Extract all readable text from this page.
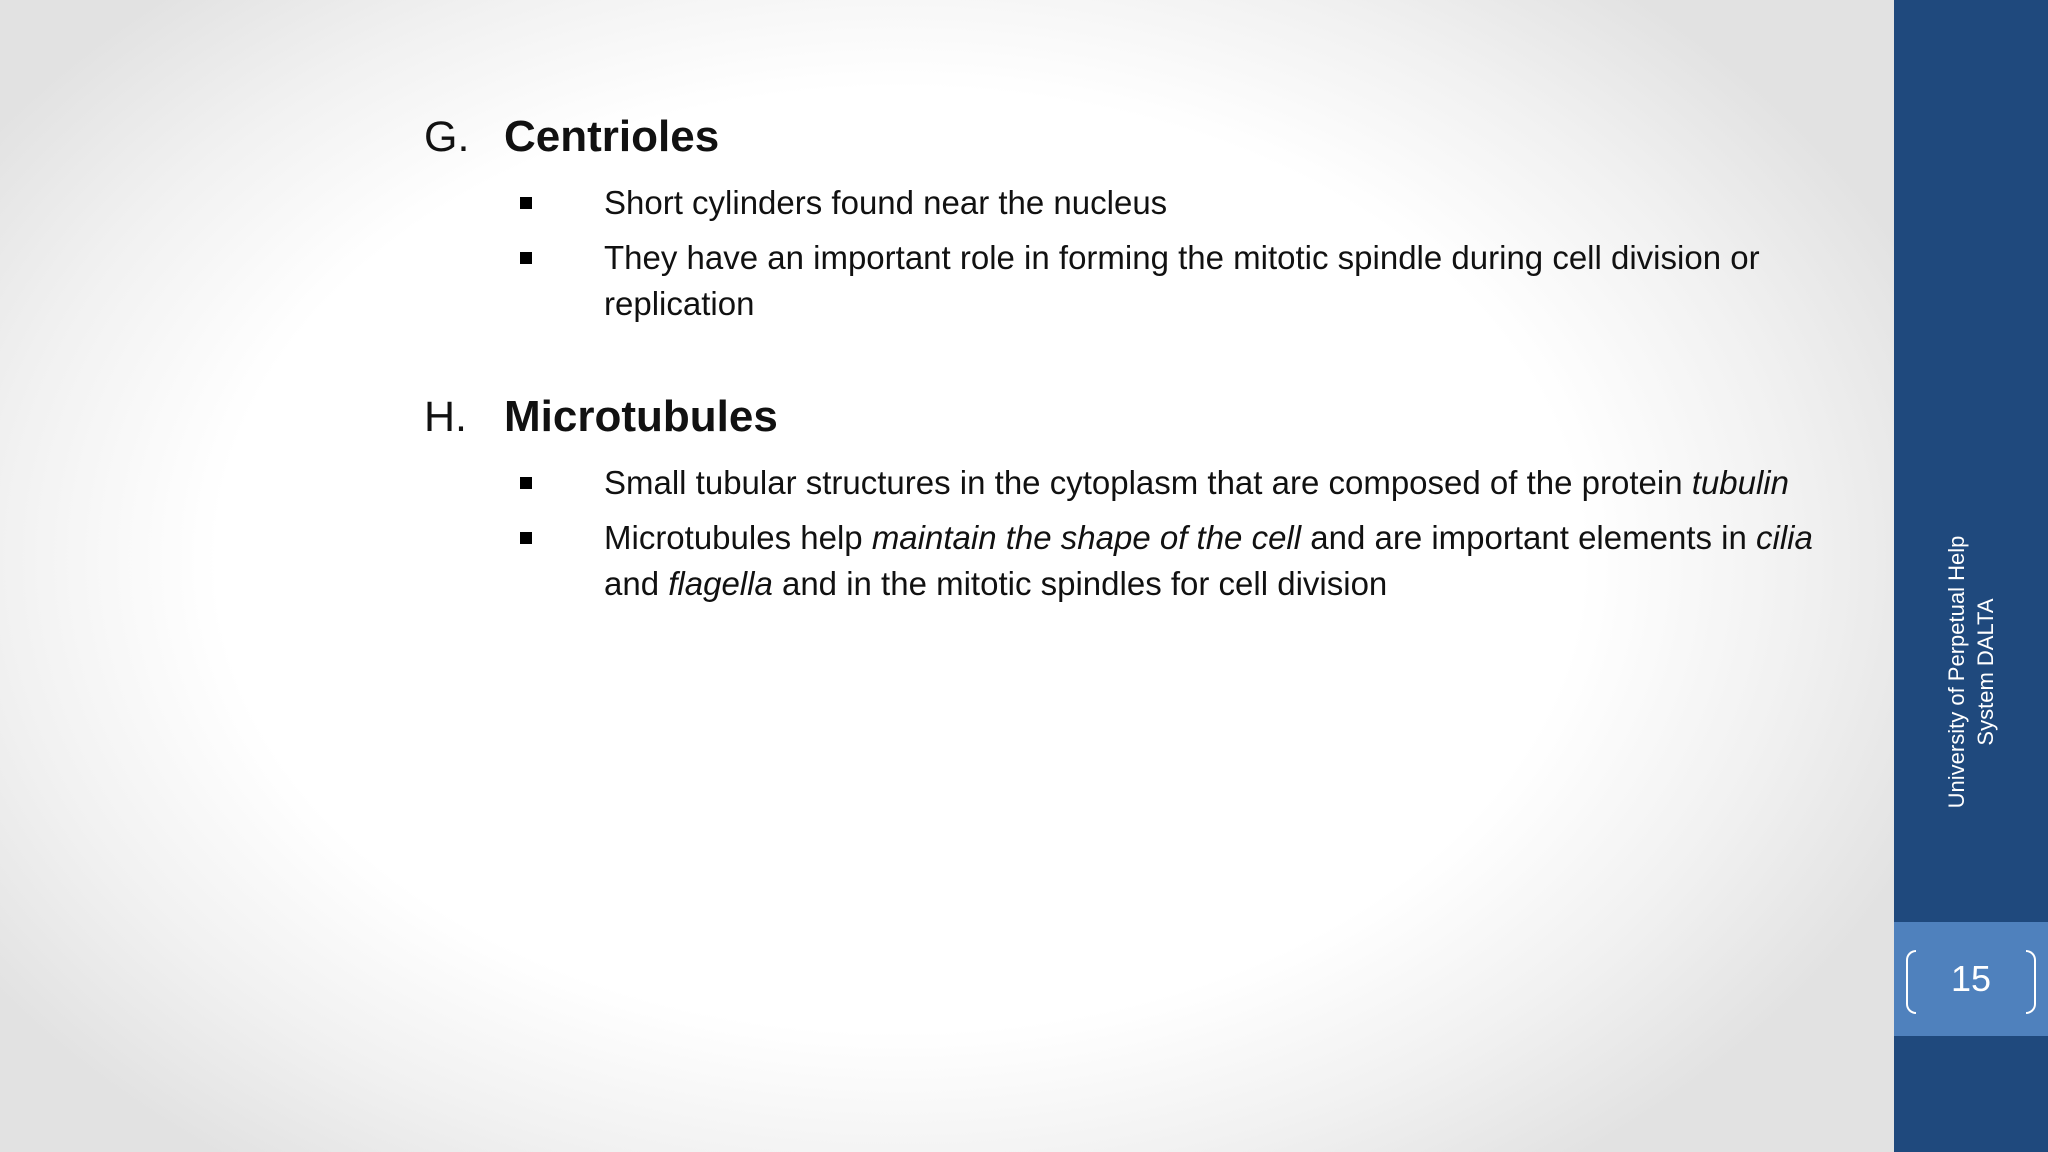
G. Centrioles
Short cylinders found near the nucleus
They have an important role in forming the mitotic spindle during cell division or replication
H. Microtubules
Small tubular structures in the cytoplasm that are composed of the protein tubulin
Microtubules help maintain the shape of the cell and are important elements in cilia and flagella and in the mitotic spindles for cell division	University of Perpetual Help System DALTA
15
